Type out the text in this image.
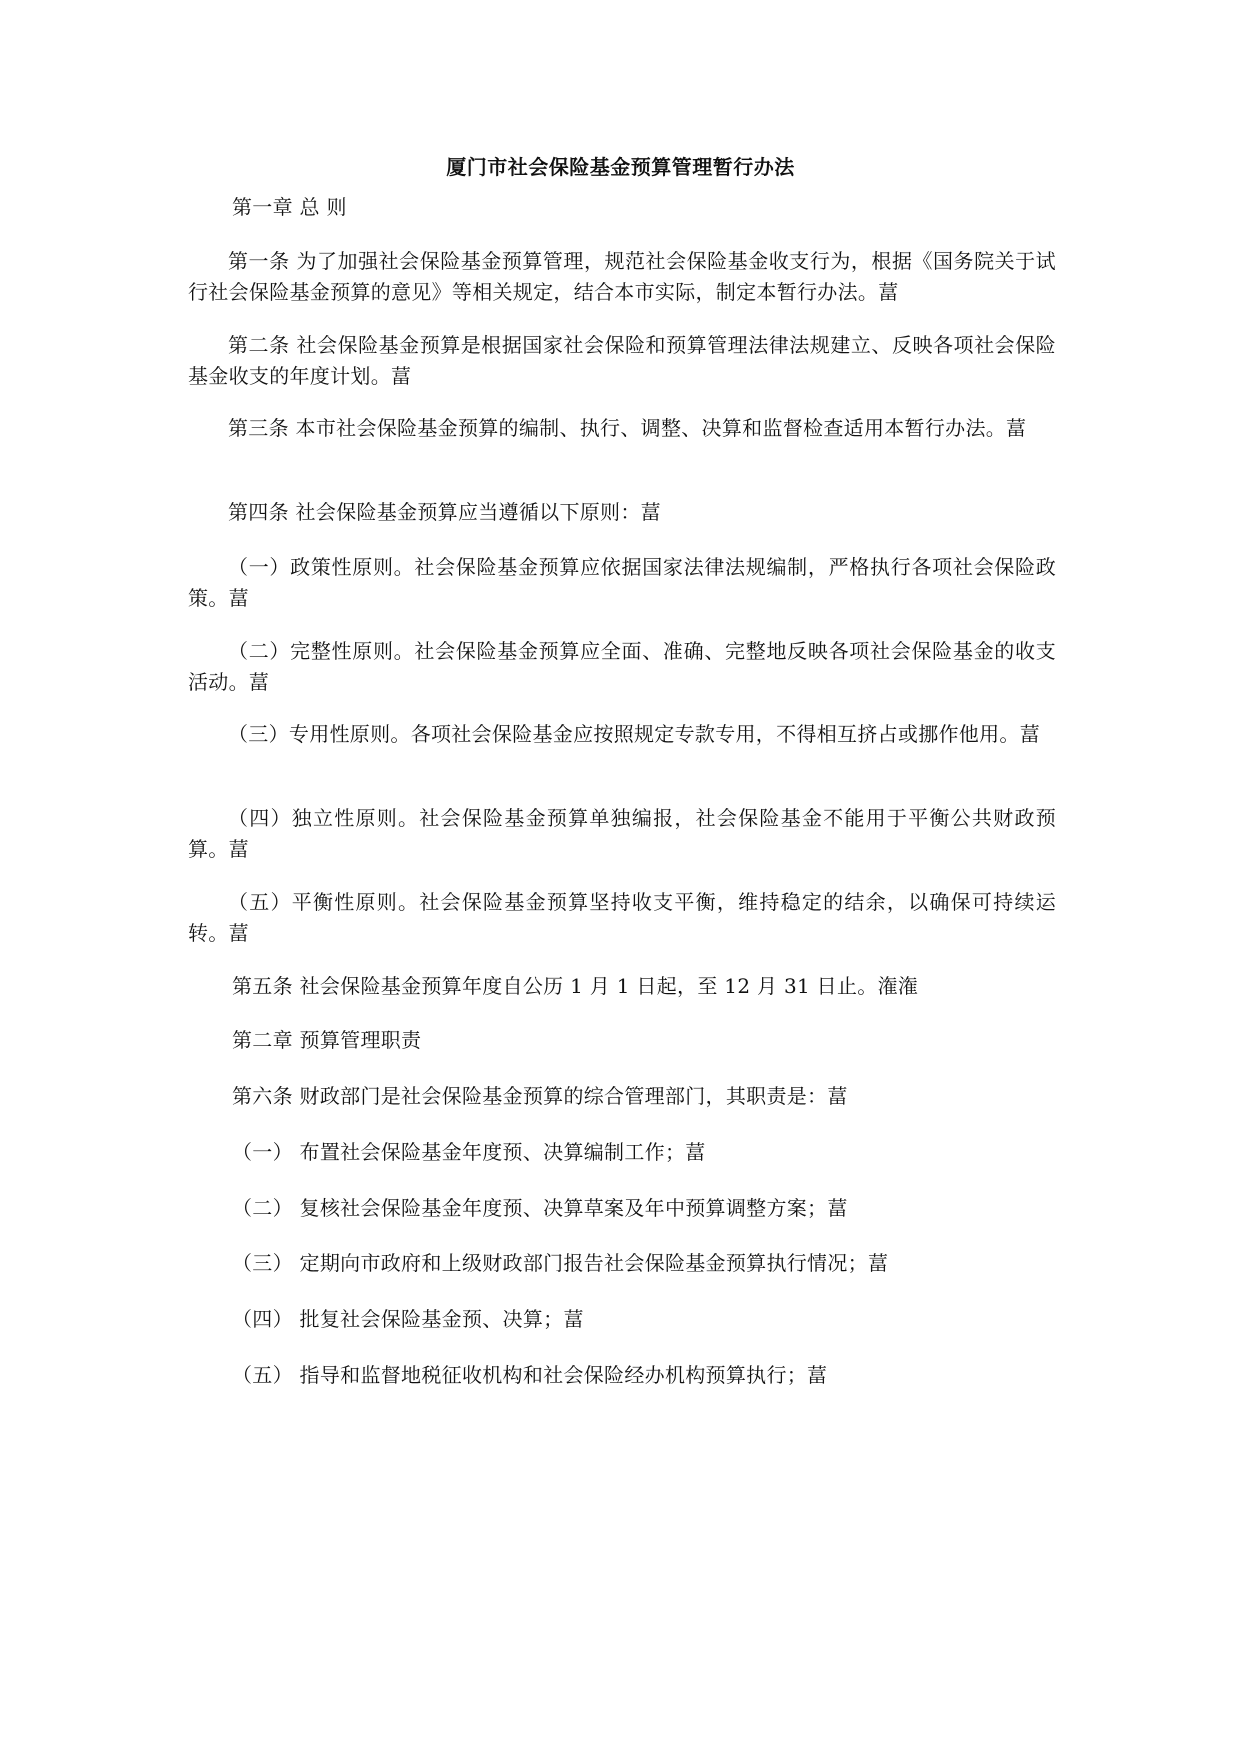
厦门市社会保险基金预算管理暂行办法
第一章 总 则
第一条 为了加强社会保险基金预算管理，规范社会保险基金收支行为，根据《国务院关于试行社会保险基金预算的意见》等相关规定，结合本市实际，制定本暂行办法。葍
第二条 社会保险基金预算是根据国家社会保险和预算管理法律法规建立、反映各项社会保险基金收支的年度计划。葍
第三条 本市社会保险基金预算的编制、执行、调整、决算和监督检查适用本暂行办法。葍
第四条 社会保险基金预算应当遵循以下原则：葍
（一）政策性原则。社会保险基金预算应依据国家法律法规编制，严格执行各项社会保险政策。葍
（二）完整性原则。社会保险基金预算应全面、准确、完整地反映各项社会保险基金的收支活动。葍
（三）专用性原则。各项社会保险基金应按照规定专款专用，不得相互挤占或挪作他用。葍
（四）独立性原则。社会保险基金预算单独编报，社会保险基金不能用于平衡公共财政预算。葍
（五）平衡性原则。社会保险基金预算坚持收支平衡，维持稳定的结余，以确保可持续运转。葍
第五条 社会保险基金预算年度自公历 1 月 1 日起，至 12 月 31 日止。潅潅
第二章 预算管理职责
第六条 财政部门是社会保险基金预算的综合管理部门，其职责是：葍
（一） 布置社会保险基金年度预、决算编制工作；葍
（二） 复核社会保险基金年度预、决算草案及年中预算调整方案；葍
（三） 定期向市政府和上级财政部门报告社会保险基金预算执行情况；葍
（四） 批复社会保险基金预、决算；葍
（五） 指导和监督地税征收机构和社会保险经办机构预算执行；葍
